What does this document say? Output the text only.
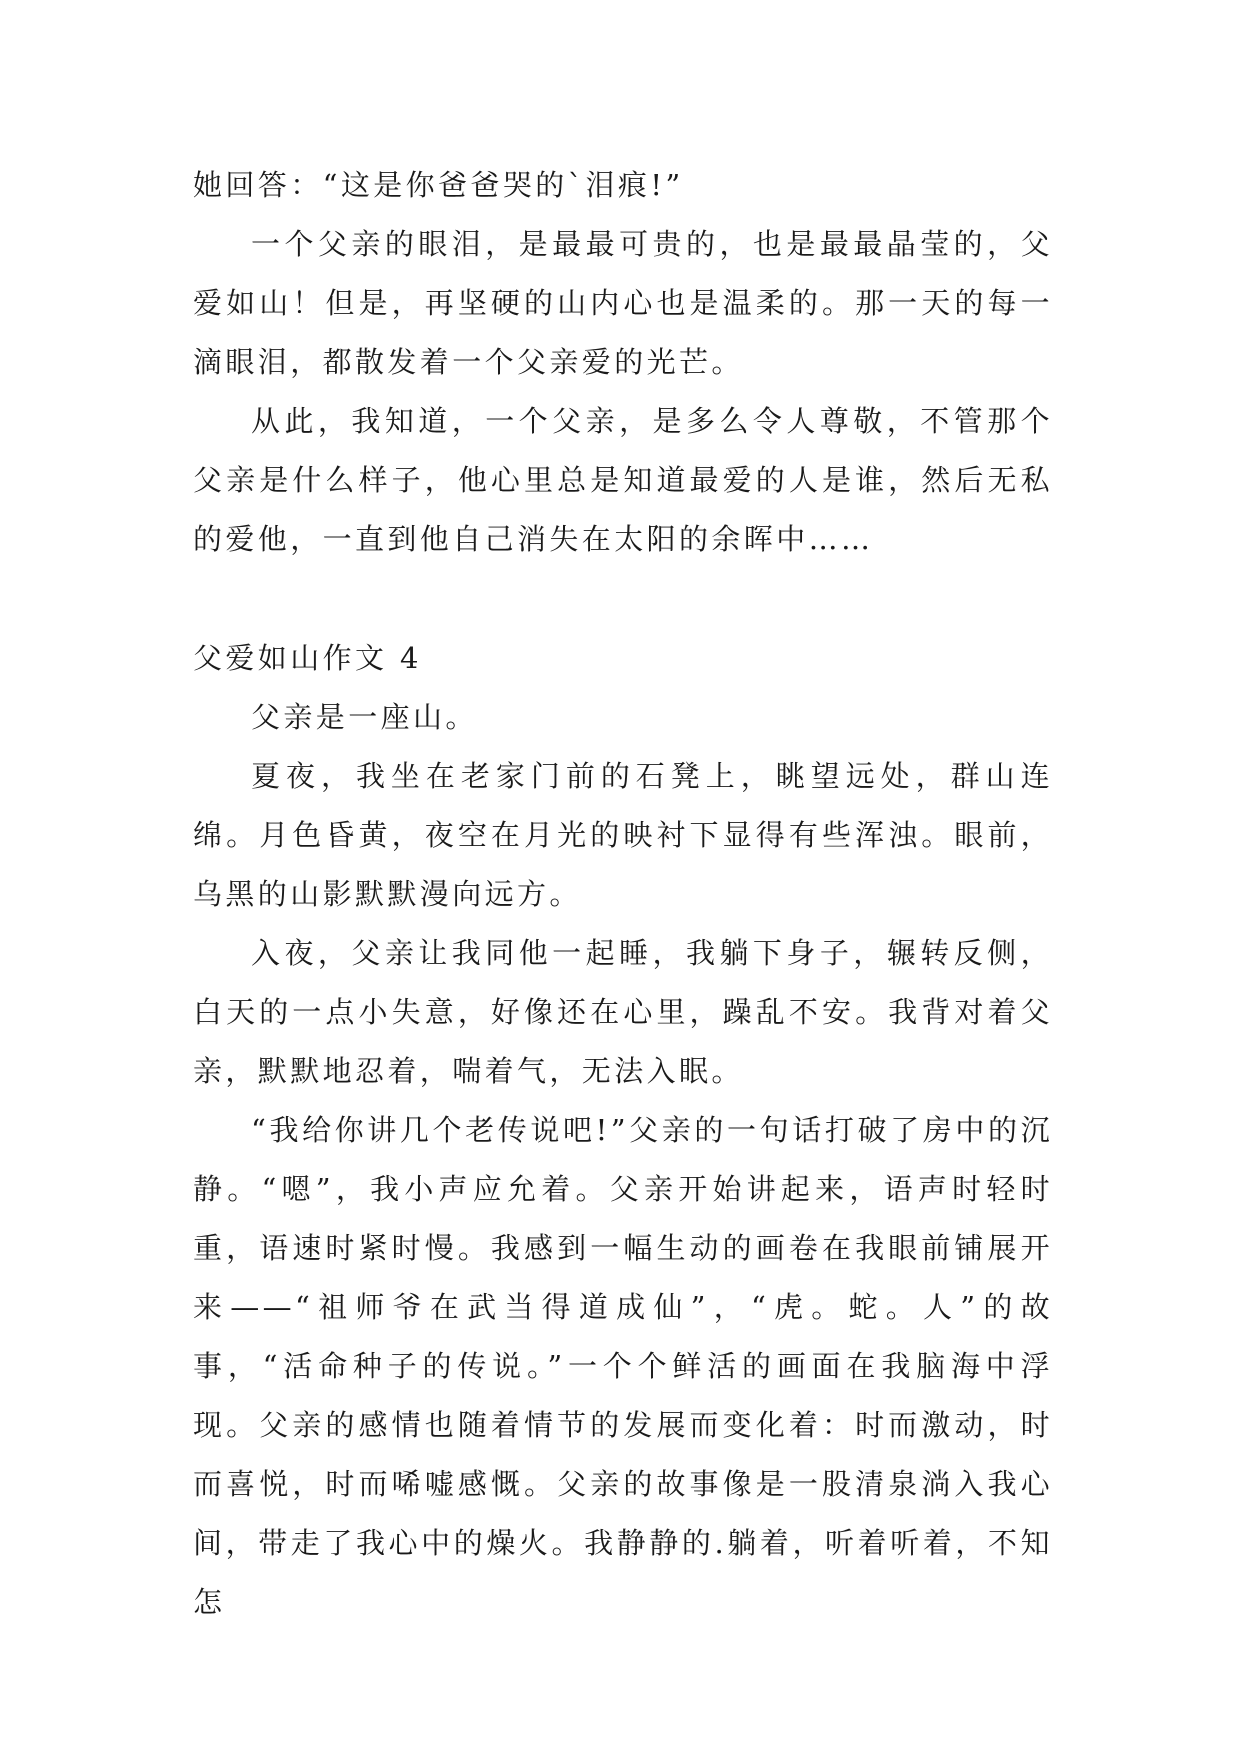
她回答：“这是你爸爸哭的`泪痕!”

一个父亲的眼泪，是最最可贵的，也是最最晶莹的，父爱如山！但是，再坚硬的山内心也是温柔的。那一天的每一滴眼泪，都散发着一个父亲爱的光芒。

从此，我知道，一个父亲，是多么令人尊敬，不管那个父亲是什么样子，他心里总是知道最爱的人是谁，然后无私的爱他，一直到他自己消失在太阳的余晖中……

父爱如山作文 4

父亲是一座山。

夏夜，我坐在老家门前的石凳上，眺望远处，群山连绵。月色昏黄，夜空在月光的映衬下显得有些浑浊。眼前，乌黑的山影默默漫向远方。

入夜，父亲让我同他一起睡，我躺下身子，辗转反侧，白天的一点小失意，好像还在心里，躁乱不安。我背对着父亲，默默地忍着，喘着气，无法入眠。

“我给你讲几个老传说吧!”父亲的一句话打破了房中的沉静。“嗯”，我小声应允着。父亲开始讲起来，语声时轻时重，语速时紧时慢。我感到一幅生动的画卷在我眼前铺展开来——“祖师爷在武当得道成仙”，“虎。蛇。人”的故事，“活命种子的传说。”一个个鲜活的画面在我脑海中浮现。父亲的感情也随着情节的发展而变化着：时而激动，时而喜悦，时而唏嘘感慨。父亲的故事像是一股清泉淌入我心间，带走了我心中的燥火。我静静的.躺着，听着听着，不知怎
